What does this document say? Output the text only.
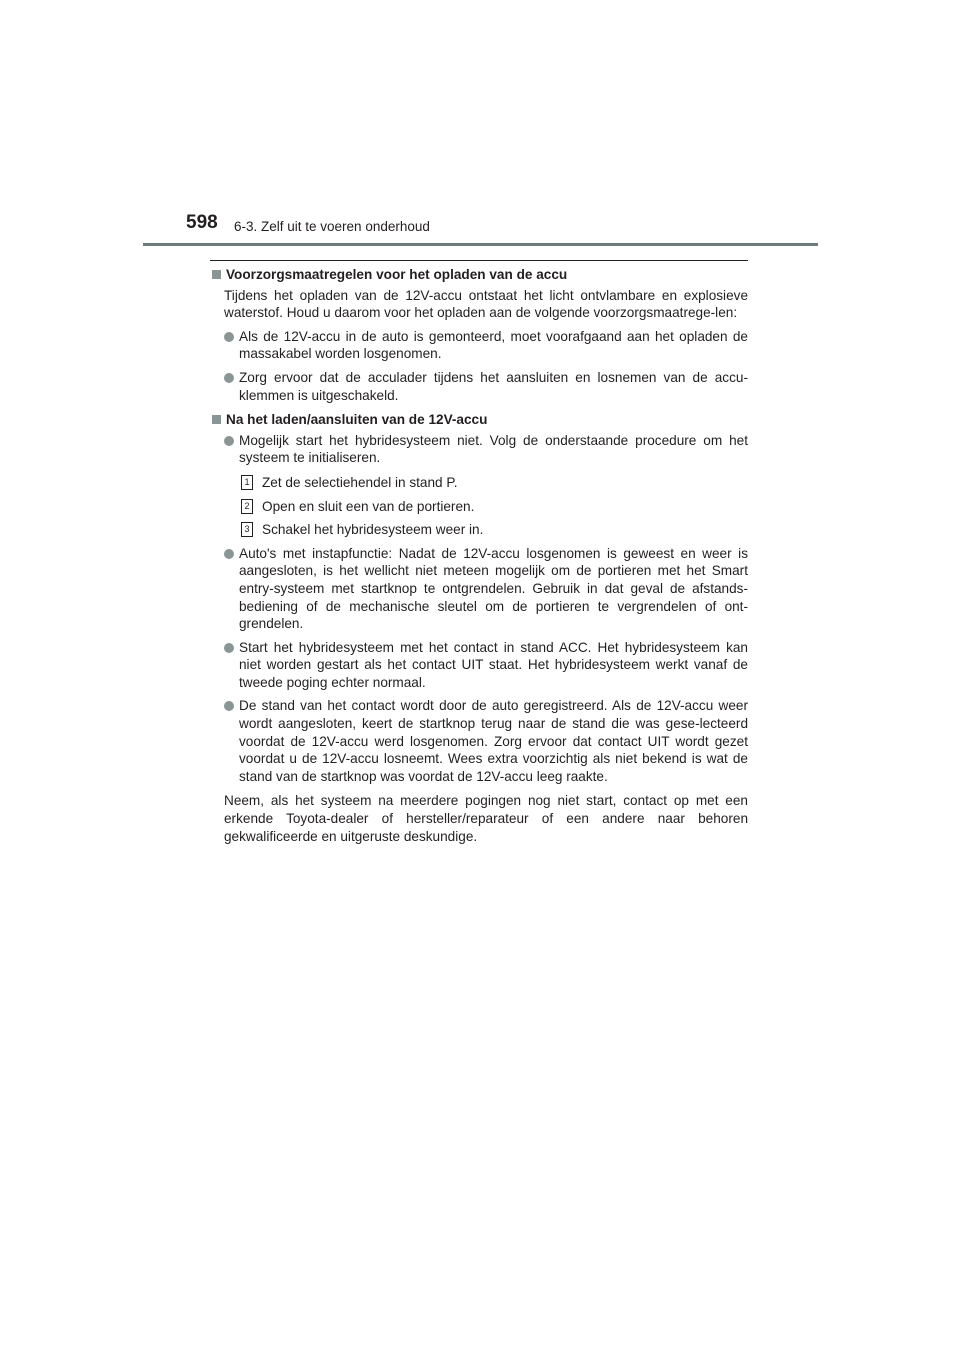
598 6-3. Zelf uit te voeren onderhoud

Voorzorgsmaatregelen voor het opladen van de accu

Tijdens het opladen van de 12V-accu ontstaat het licht ontvlambare en explosieve waterstof. Houd u daarom voor het opladen aan de volgende voorzorgsmaatrege-len:

Als de 12V-accu in de auto is gemonteerd, moet voorafgaand aan het opladen de massakabel worden losgenomen.

Zorg ervoor dat de acculader tijdens het aansluiten en losnemen van de accu-klemmen is uitgeschakeld.

Na het laden/aansluiten van de 12V-accu

Mogelijk start het hybridesysteem niet. Volg de onderstaande procedure om het systeem te initialiseren.

1 Zet de selectiehendel in stand P.

2 Open en sluit een van de portieren.

3 Schakel het hybridesysteem weer in.

Auto's met instapfunctie: Nadat de 12V-accu losgenomen is geweest en weer is aangesloten, is het wellicht niet meteen mogelijk om de portieren met het Smart entry-systeem met startknop te ontgrendelen. Gebruik in dat geval de afstands-bediening of de mechanische sleutel om de portieren te vergrendelen of ont-grendelen.

Start het hybridesysteem met het contact in stand ACC. Het hybridesysteem kan niet worden gestart als het contact UIT staat. Het hybridesysteem werkt vanaf de tweede poging echter normaal.

De stand van het contact wordt door de auto geregistreerd. Als de 12V-accu weer wordt aangesloten, keert de startknop terug naar de stand die was gese-lecteerd voordat de 12V-accu werd losgenomen. Zorg ervoor dat contact UIT wordt gezet voordat u de 12V-accu losneemt. Wees extra voorzichtig als niet bekend is wat de stand van de startknop was voordat de 12V-accu leeg raakte.

Neem, als het systeem na meerdere pogingen nog niet start, contact op met een erkende Toyota-dealer of hersteller/reparateur of een andere naar behoren gekwalificeerde en uitgeruste deskundige.
